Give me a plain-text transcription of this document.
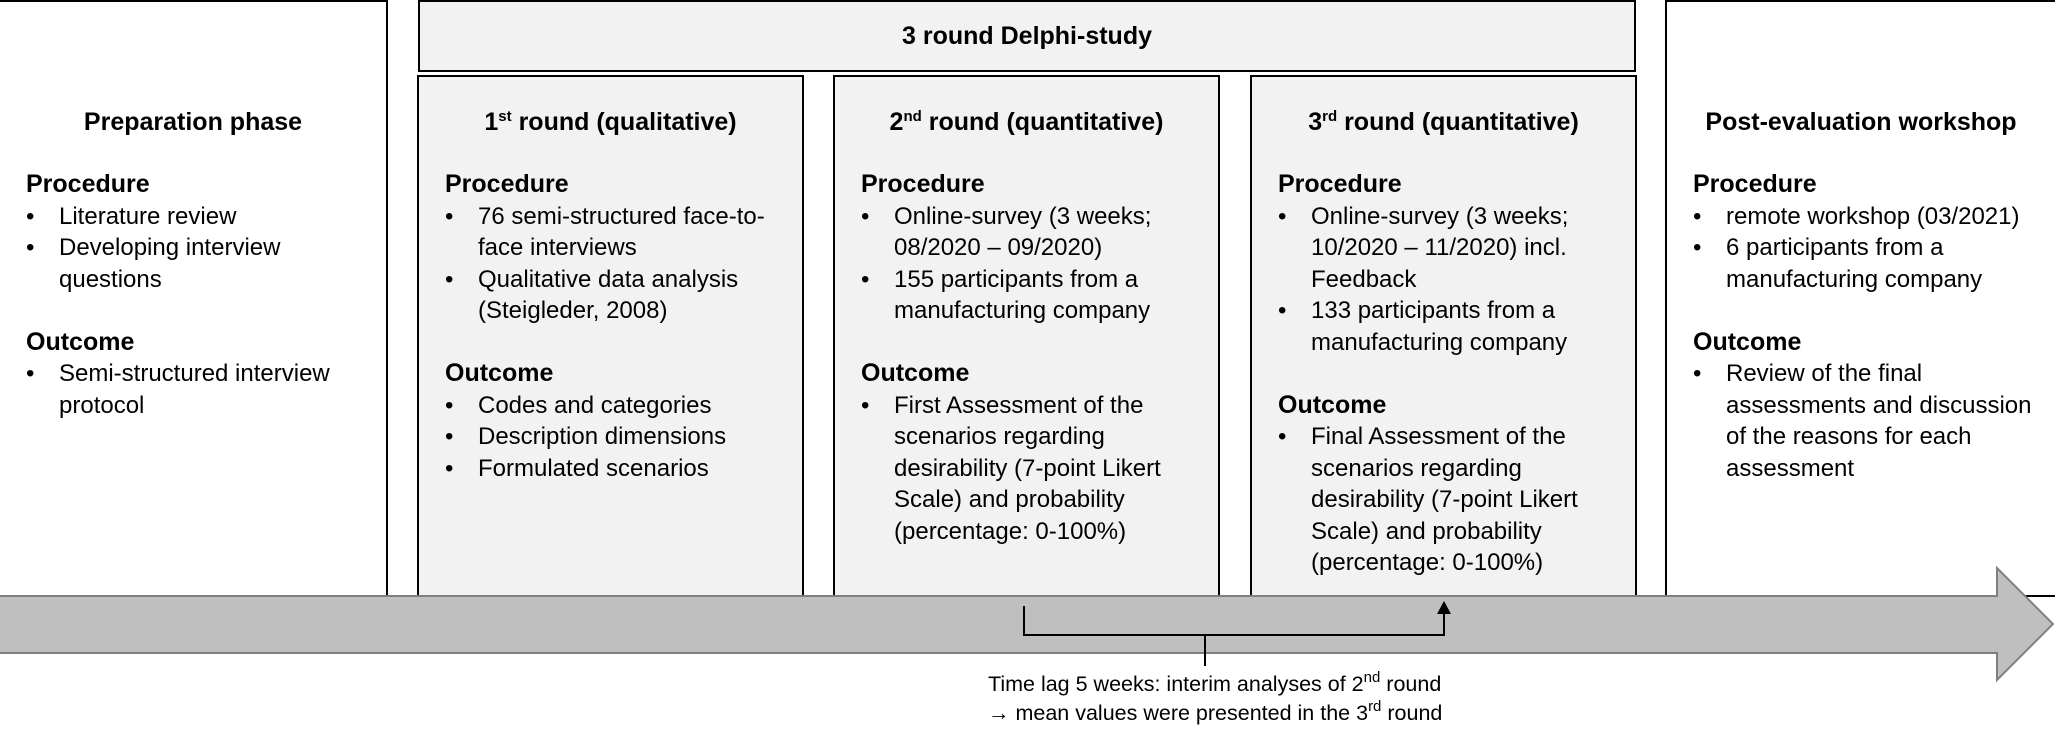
3 round Delphi-study
Preparation phase
Procedure
• Literature review
• Developing interview questions
Outcome
• Semi-structured interview protocol
1st round (qualitative)
Procedure
• 76 semi-structured face-to-face interviews
• Qualitative data analysis (Steigleder, 2008)
Outcome
• Codes and categories
• Description dimensions
• Formulated scenarios
2nd round (quantitative)
Procedure
• Online-survey (3 weeks; 08/2020 – 09/2020)
• 155 participants from a manufacturing company
Outcome
• First Assessment of the scenarios regarding desirability (7-point Likert Scale) and probability (percentage: 0-100%)
3rd round (quantitative)
Procedure
• Online-survey (3 weeks; 10/2020 – 11/2020) incl. Feedback
• 133 participants from a manufacturing company
Outcome
• Final Assessment of the scenarios regarding desirability (7-point Likert Scale) and probability (percentage: 0-100%)
Post-evaluation workshop
Procedure
• remote workshop (03/2021)
• 6 participants from a manufacturing company
Outcome
• Review of the final assessments and discussion of the reasons for each assessment
Time lag 5 weeks: interim analyses of 2nd round
→ mean values were presented in the 3rd round
